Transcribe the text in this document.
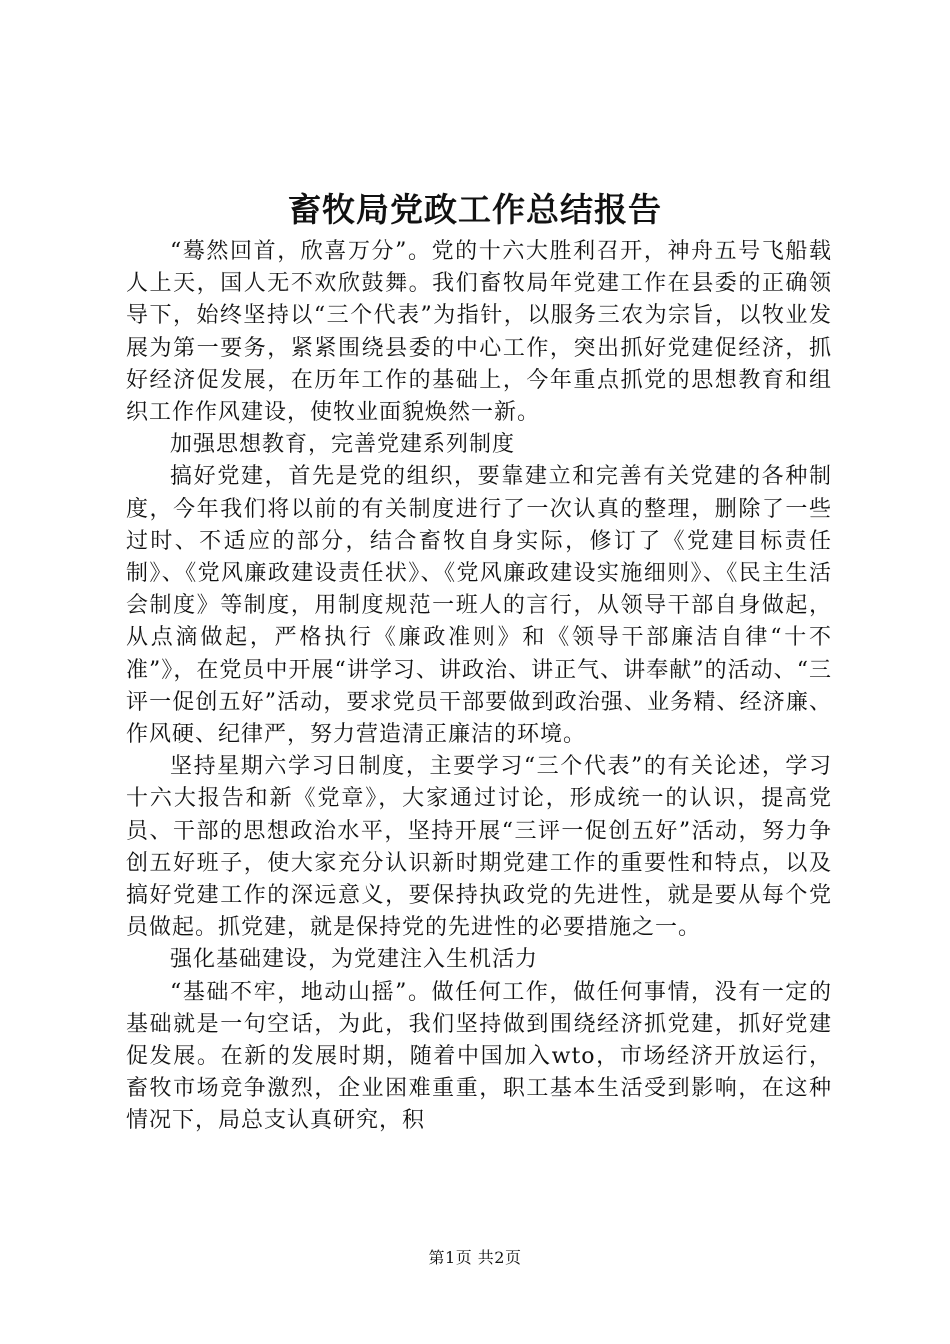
畜牧局党政工作总结报告

“蓦然回首，欣喜万分”。党的十六大胜利召开，神舟五号飞船载人上天，国人无不欢欣鼓舞。我们畜牧局年党建工作在县委的正确领导下，始终坚持以“三个代表”为指针，以服务三农为宗旨，以牧业发展为第一要务，紧紧围绕县委的中心工作，突出抓好党建促经济，抓好经济促发展，在历年工作的基础上，今年重点抓党的思想教育和组织工作作风建设，使牧业面貌焕然一新。

加强思想教育，完善党建系列制度

搞好党建，首先是党的组织，要靠建立和完善有关党建的各种制度，今年我们将以前的有关制度进行了一次认真的整理，删除了一些过时、不适应的部分，结合畜牧自身实际，修订了《党建目标责任制》、《党风廉政建设责任状》、《党风廉政建设实施细则》、《民主生活会制度》等制度，用制度规范一班人的言行，从领导干部自身做起，从点滴做起，严格执行《廉政准则》和《领导干部廉洁自律“十不准”》，在党员中开展“讲学习、讲政治、讲正气、讲奉献”的活动、“三评一促创五好”活动，要求党员干部要做到政治强、业务精、经济廉、作风硬、纪律严，努力营造清正廉洁的环境。

坚持星期六学习日制度，主要学习“三个代表”的有关论述，学习十六大报告和新《党章》，大家通过讨论，形成统一的认识，提高党员、干部的思想政治水平，坚持开展“三评一促创五好”活动，努力争创五好班子，使大家充分认识新时期党建工作的重要性和特点，以及搞好党建工作的深远意义，要保持执政党的先进性，就是要从每个党员做起。抓党建，就是保持党的先进性的必要措施之一。

强化基础建设，为党建注入生机活力

“基础不牢，地动山摇”。做任何工作，做任何事情，没有一定的基础就是一句空话，为此，我们坚持做到围绕经济抓党建，抓好党建促发展。在新的发展时期，随着中国加入wto，市场经济开放运行，畜牧市场竞争激烈，企业困难重重，职工基本生活受到影响，在这种情况下，局总支认真研究，积

第1页 共2页
